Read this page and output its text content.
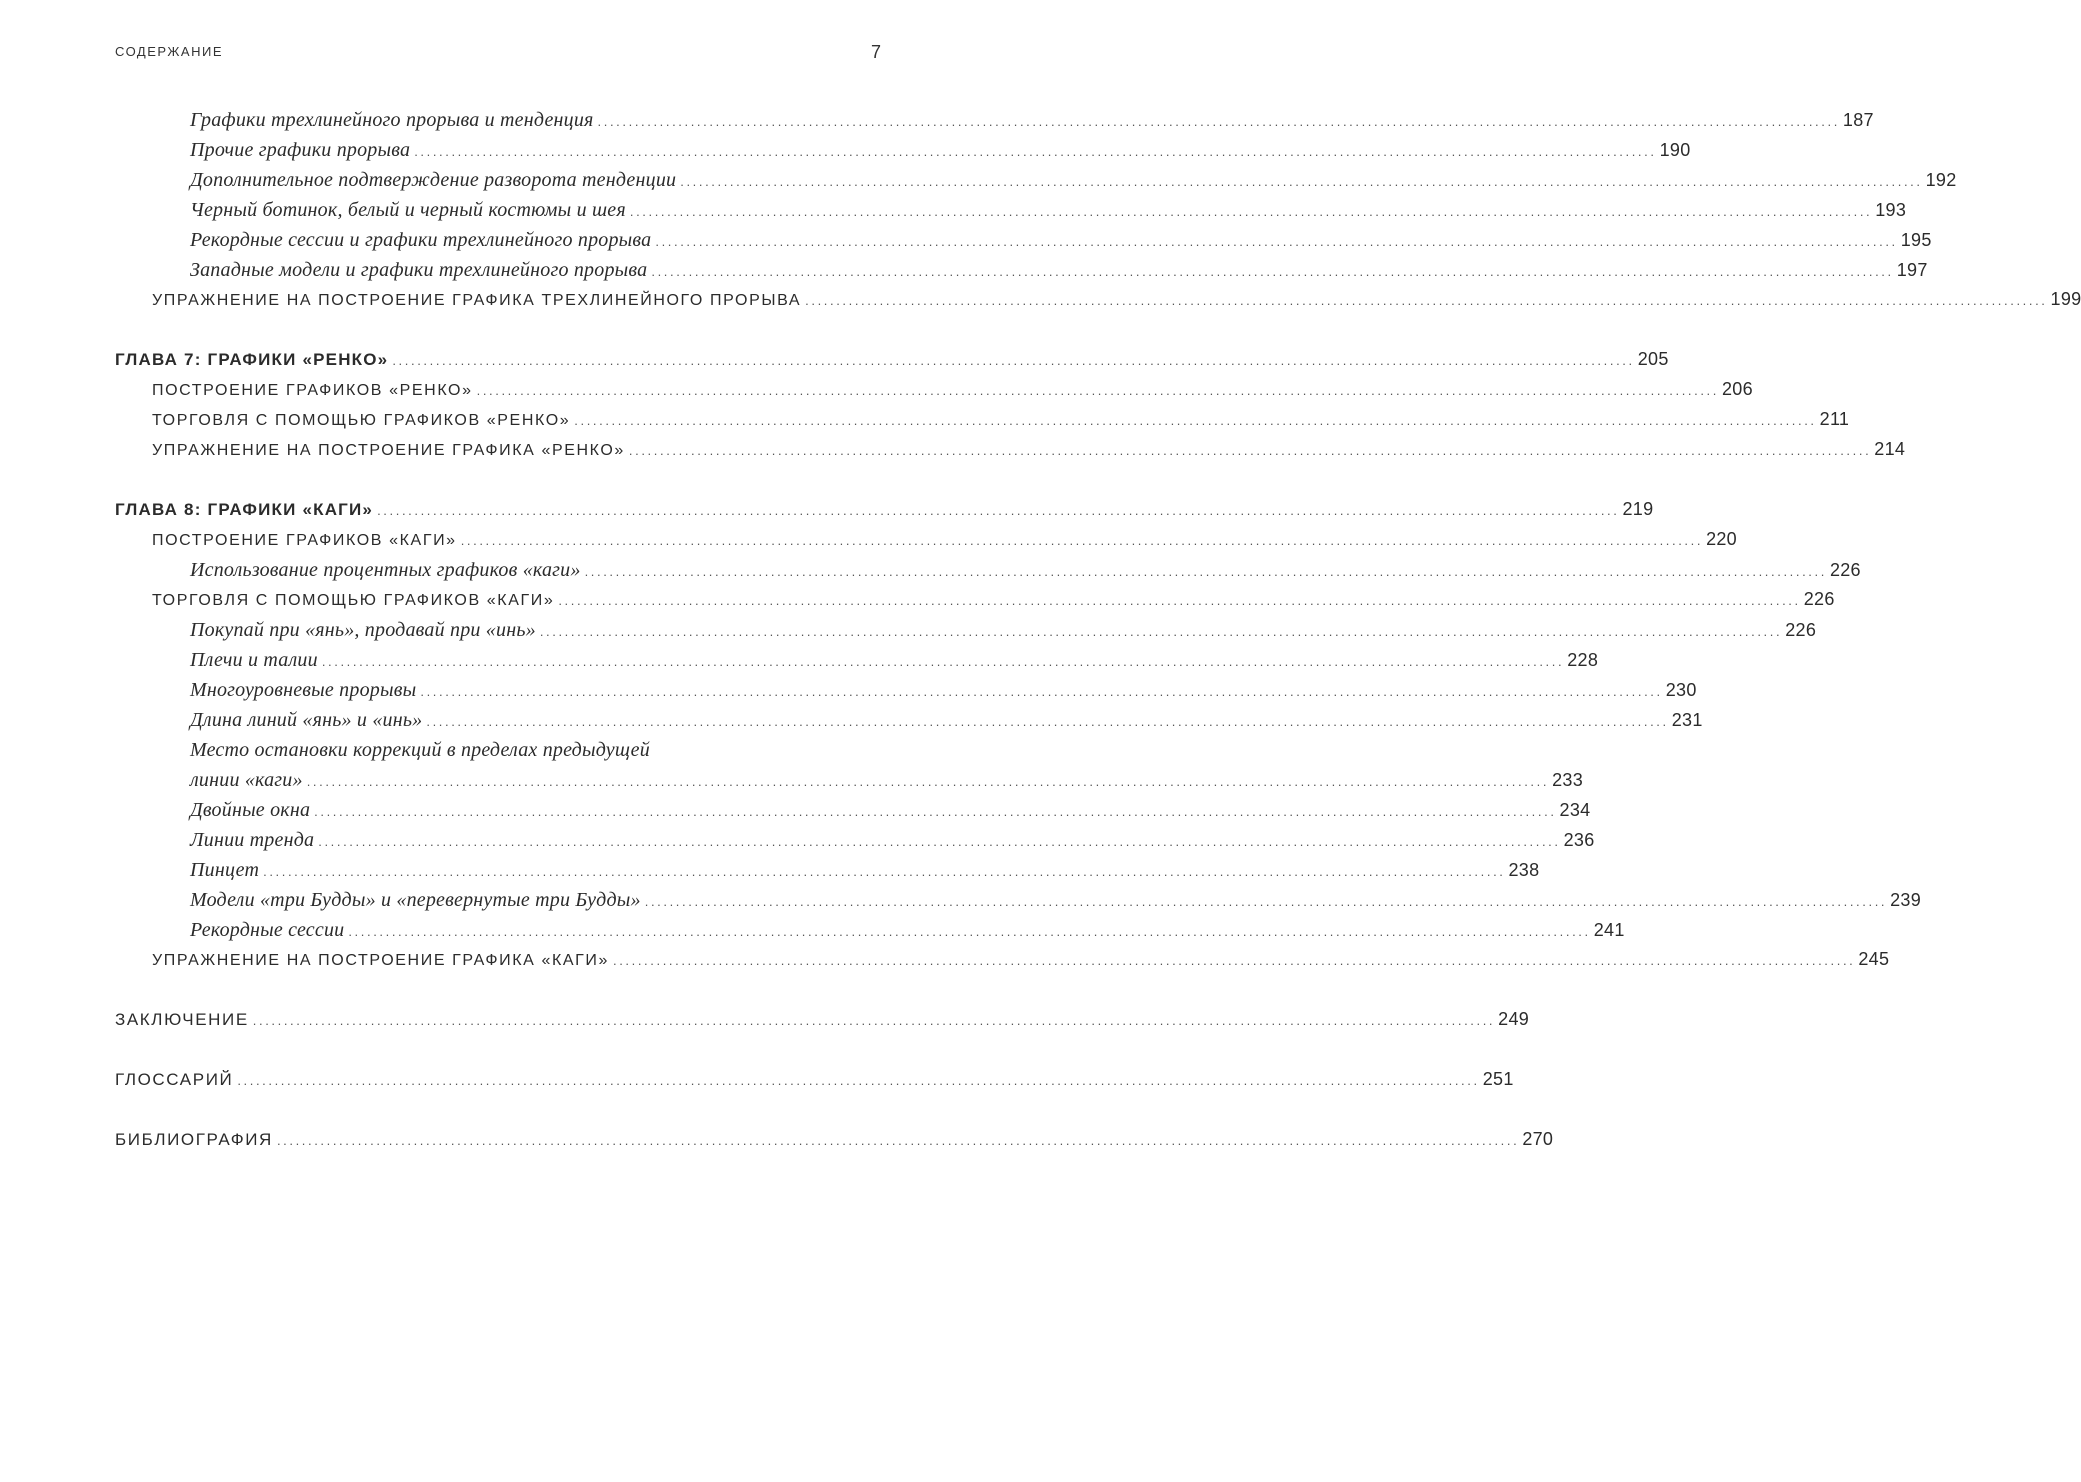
СОДЕРЖАНИЕ	7
Графики трехлинейного прорыва и тенденция ........................................................................................................................................................................................................ 187
Прочие графики прорыва ........................................................................................................................................................................................................ 190
Дополнительное подтверждение разворота тенденции ........................................................................................................................................................................................................ 192
Черный ботинок, белый и черный костюмы и шея ........................................................................................................................................................................................................ 193
Рекордные сессии и графики трехлинейного прорыва ........................................................................................................................................................................................................ 195
Западные модели и графики трехлинейного прорыва ........................................................................................................................................................................................................ 197
УПРАЖНЕНИЕ НА ПОСТРОЕНИЕ ГРАФИКА ТРЕХЛИНЕЙНОГО ПРОРЫВА ........................................................................................................................................................................................................ 199
ГЛАВА 7: ГРАФИКИ «РЕНКО» ........................................................................................................................................................................................................ 205
ПОСТРОЕНИЕ ГРАФИКОВ «РЕНКО» ........................................................................................................................................................................................................ 206
ТОРГОВЛЯ С ПОМОЩЬЮ ГРАФИКОВ «РЕНКО» ........................................................................................................................................................................................................ 211
УПРАЖНЕНИЕ НА ПОСТРОЕНИЕ ГРАФИКА «РЕНКО» ........................................................................................................................................................................................................ 214
ГЛАВА 8: ГРАФИКИ «КАГИ» ........................................................................................................................................................................................................ 219
ПОСТРОЕНИЕ ГРАФИКОВ «КАГИ» ........................................................................................................................................................................................................ 220
Использование процентных графиков «каги» ........................................................................................................................................................................................................ 226
ТОРГОВЛЯ С ПОМОЩЬЮ ГРАФИКОВ «КАГИ» ........................................................................................................................................................................................................ 226
Покупай при «янь», продавай при «инь» ........................................................................................................................................................................................................ 226
Плечи и талии ........................................................................................................................................................................................................ 228
Многоуровневые прорывы ........................................................................................................................................................................................................ 230
Длина линий «янь» и «инь» ........................................................................................................................................................................................................ 231
Место остановки коррекций в пределах предыдущей
линии «каги» ........................................................................................................................................................................................................ 233
Двойные окна ........................................................................................................................................................................................................ 234
Линии тренда ........................................................................................................................................................................................................ 236
Пинцет ........................................................................................................................................................................................................ 238
Модели «три Будды» и «перевернутые три Будды» ........................................................................................................................................................................................................ 239
Рекордные сессии ........................................................................................................................................................................................................ 241
УПРАЖНЕНИЕ НА ПОСТРОЕНИЕ ГРАФИКА «КАГИ» ........................................................................................................................................................................................................ 245
ЗАКЛЮЧЕНИЕ ........................................................................................................................................................................................................ 249
ГЛОССАРИЙ ........................................................................................................................................................................................................ 251
БИБЛИОГРАФИЯ ........................................................................................................................................................................................................ 270
